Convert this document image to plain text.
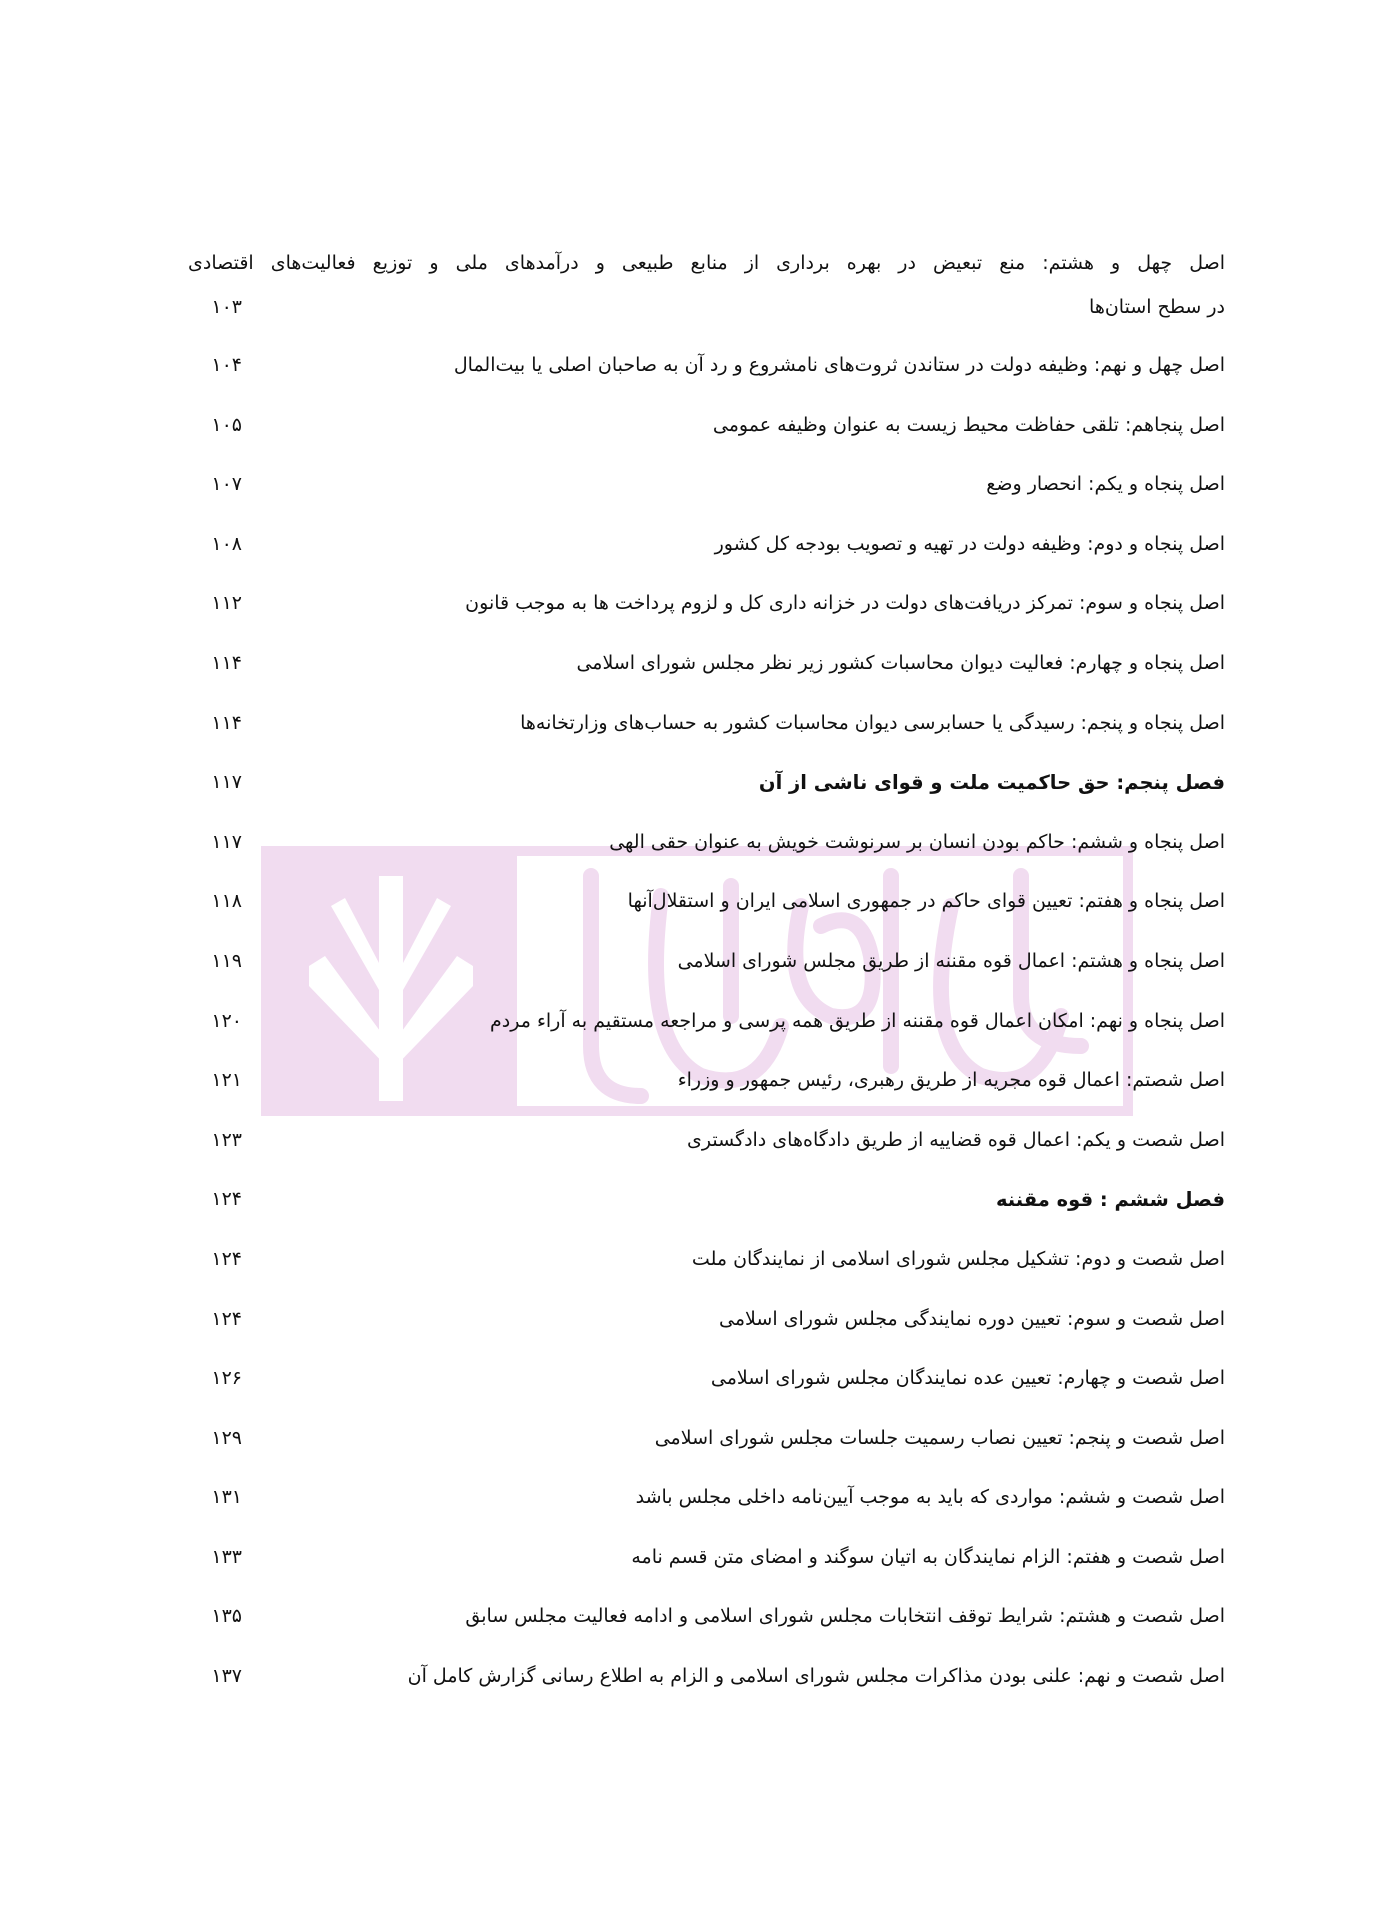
اصل چهل و هشتم: منع تبعیض در بهره برداری از منابع طبیعی و درآمدهای ملی و توزیع فعالیت‌های اقتصادی
در سطح استان‌ها
۱۰۳
اصل چهل و نهم: وظیفه دولت در ستاندن ثروت‌های نامشروع و رد آن به صاحبان اصلی یا بیت‌المال
۱۰۴
اصل پنجاهم: تلقی حفاظت محیط زیست به عنوان وظیفه عمومی
۱۰۵
اصل پنجاه و یکم: انحصار وضع
۱۰۷
اصل پنجاه و دوم: وظیفه دولت در تهیه و تصویب بودجه کل کشور
۱۰۸
اصل پنجاه و سوم: تمرکز دریافت‌های دولت در خزانه داری کل و لزوم پرداخت ها به موجب قانون
۱۱۲
اصل پنجاه و چهارم: فعالیت دیوان محاسبات کشور زیر نظر مجلس شورای اسلامی
۱۱۴
اصل پنجاه و پنجم: رسیدگی یا حسابرسی دیوان محاسبات کشور به حساب‌های وزارتخانه‌ها
۱۱۴
فصل پنجم: حق حاکمیت ملت و قوای ناشی از آن
۱۱۷
اصل پنجاه و ششم: حاکم بودن انسان بر سرنوشت خویش به عنوان حقی الهی
۱۱۷
اصل پنجاه و هفتم: تعیین قوای حاکم در جمهوری اسلامی ایران و استقلال‌آنها
۱۱۸
اصل پنجاه و هشتم: اعمال قوه مقننه از طریق مجلس شورای اسلامی
۱۱۹
اصل پنجاه و نهم: امکان اعمال قوه مقننه از طریق همه پرسی و مراجعه مستقیم به آراء مردم
۱۲۰
اصل شصتم: اعمال قوه مجریه از طریق رهبری، رئیس جمهور و وزراء
۱۲۱
اصل شصت و یکم: اعمال قوه قضاییه از طریق دادگاه‌های دادگستری
۱۲۳
فصل ششم : قوه مقننه
۱۲۴
اصل شصت و دوم: تشکیل مجلس شورای اسلامی از نمایندگان ملت
۱۲۴
اصل شصت و سوم: تعیین دوره نمایندگی مجلس شورای اسلامی
۱۲۴
اصل شصت و چهارم: تعیین عده نمایندگان مجلس شورای اسلامی
۱۲۶
اصل شصت و پنجم: تعیین نصاب رسمیت جلسات مجلس شورای اسلامی
۱۲۹
اصل شصت و ششم: مواردی که باید به موجب آیین‌نامه داخلی مجلس باشد
۱۳۱
اصل شصت و هفتم: الزام نمایندگان به اتیان سوگند و امضای متن قسم نامه
۱۳۳
اصل شصت و هشتم: شرایط توقف انتخابات مجلس شورای اسلامی و ادامه فعالیت مجلس سابق
۱۳۵
اصل شصت و نهم: علنی بودن مذاکرات مجلس شورای اسلامی و الزام به اطلاع رسانی گزارش کامل آن
۱۳۷
